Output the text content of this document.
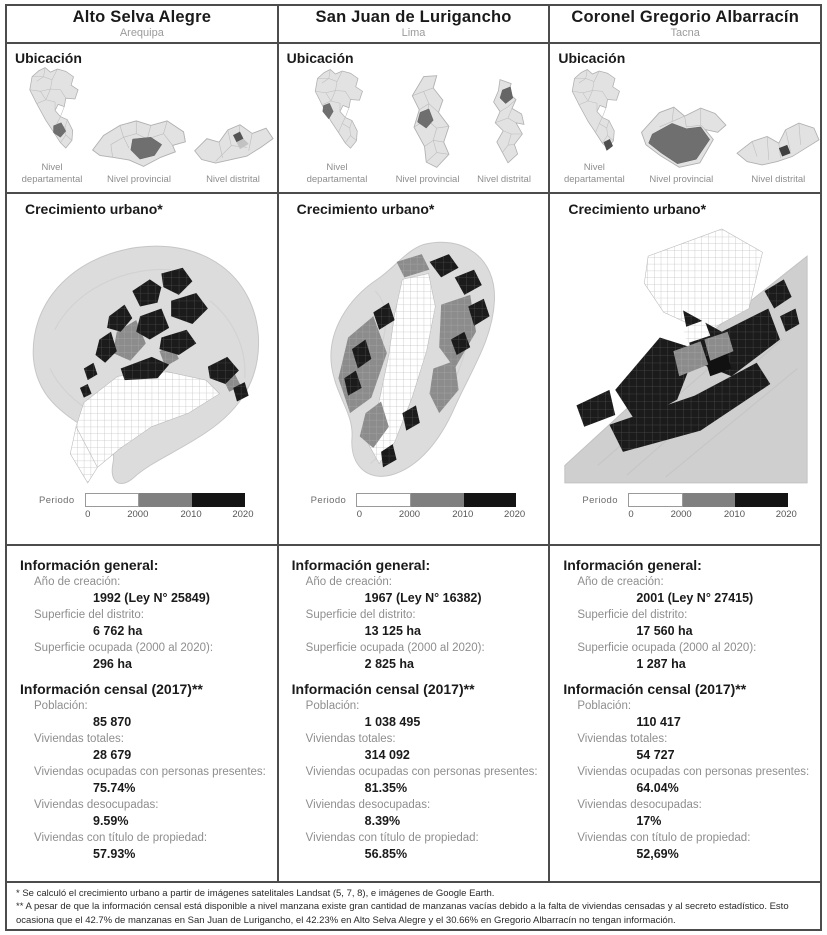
Alto Selva Alegre
Arequipa
Ubicación
Nivel departamental	Nivel provincial	Nivel distrital
Crecimiento urbano*
Periodo
0	2000	2010	2020
Información general:
Año de creación:
1992 (Ley N° 25849)
Superficie del distrito:
6 762 ha
Superficie ocupada (2000 al 2020):
296 ha
Información censal (2017)**
Población:
85 870
Viviendas totales:
28 679
Viviendas ocupadas con personas presentes:
75.74%
Viviendas desocupadas:
9.59%
Viviendas con título de propiedad:
57.93%
San Juan de Lurigancho
Lima
Ubicación
Nivel departamental	Nivel provincial Nivel distrital
Crecimiento urbano*
Periodo
0	2000	2010	2020
Información general:
Año de creación:
1967 (Ley N° 16382)
Superficie del distrito:
13 125 ha
Superficie ocupada (2000 al 2020):
2 825 ha
Información censal (2017)**
Población:
1 038 495
Viviendas totales:
314 092
Viviendas ocupadas con personas presentes:
81.35%
Viviendas desocupadas:
8.39%
Viviendas con título de propiedad:
56.85%
Coronel Gregorio Albarracín
Tacna
Ubicación
Nivel departamental	Nivel provincial	Nivel distrital
Crecimiento urbano*
Periodo
0	2000	2010	2020
Información general:
Año de creación:
2001 (Ley N° 27415)
Superficie del distrito:
17 560 ha
Superficie ocupada (2000 al 2020):
1 287 ha
Información censal (2017)**
Población:
110 417
Viviendas totales:
54 727
Viviendas ocupadas con personas presentes:
64.04%
Viviendas desocupadas:
17%
Viviendas con título de propiedad:
52,69%

* Se calculó el crecimiento urbano a partir de imágenes satelitales Landsat (5, 7, 8), e imágenes de Google Earth.

** A pesar de que la información censal está disponible a nivel manzana existe gran cantidad de manzanas vacías debido a la falta de viviendas censadas y al secreto estadístico. Esto ocasiona que el 42.7% de manzanas en San Juan de Lurigancho, el 42.23% en Alto Selva Alegre y el 30.66% en Gregorio Albarracín no tengan información.
